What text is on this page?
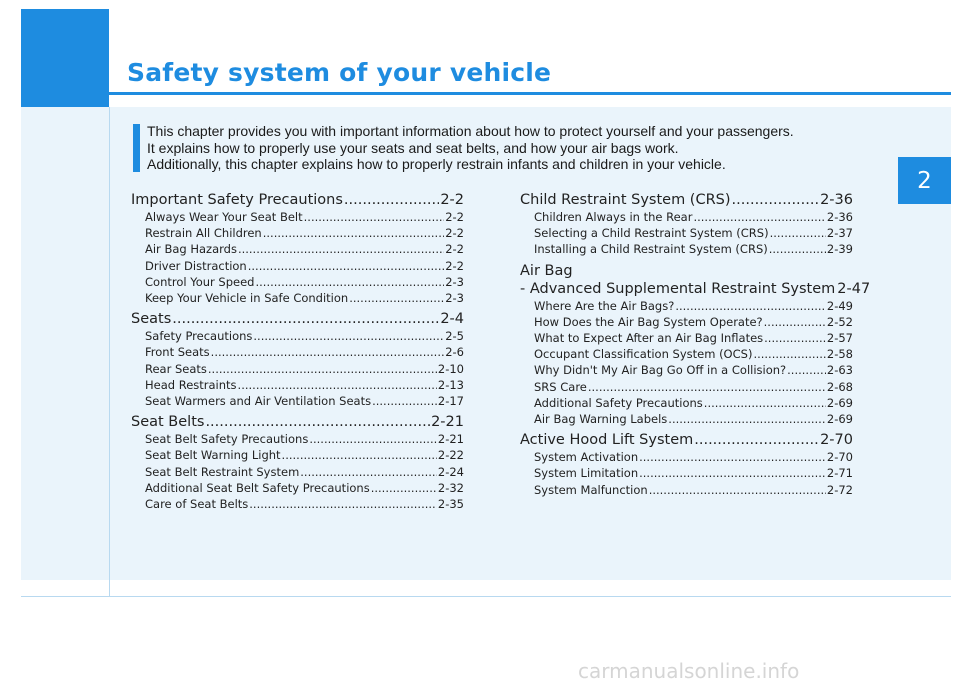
Safety system of your vehicle
2
This chapter provides you with important information about how to protect yourself and your passengers.
It explains how to properly use your seats and seat belts, and how your air bags work.
Additionally, this chapter explains how to properly restrain infants and children in your vehicle.
Important Safety Precautions .....	2-2
Always Wear Your Seat Belt .....	2-2
Restrain All Children .....	2-2
Air Bag Hazards .....	2-2
Driver Distraction .....	2-2
Control Your Speed .....	2-3
Keep Your Vehicle in Safe Condition .....	2-3
Seats .....	2-4
Safety Precautions .....	2-5
Front Seats .....	2-6
Rear Seats .....	2-10
Head Restraints .....	2-13
Seat Warmers and Air Ventilation Seats .....	2-17
Seat Belts .....	2-21
Seat Belt Safety Precautions .....	2-21
Seat Belt Warning Light .....	2-22
Seat Belt Restraint System .....	2-24
Additional Seat Belt Safety Precautions .....	2-32
Care of Seat Belts .....	2-35
Child Restraint System (CRS) .....	2-36
Children Always in the Rear .....	2-36
Selecting a Child Restraint System (CRS) .....	2-37
Installing a Child Restraint System (CRS) .....	2-39
Air Bag
- Advanced Supplemental Restraint System 2-47
Where Are the Air Bags? .....	2-49
How Does the Air Bag System Operate? .....	2-52
What to Expect After an Air Bag Inflates .....	2-57
Occupant Classification System (OCS) .....	2-58
Why Didn't My Air Bag Go Off in a Collision? .....	2-63
SRS Care .....	2-68
Additional Safety Precautions .....	2-69
Air Bag Warning Labels .....	2-69
Active Hood Lift System .....	2-70
System Activation .....	2-70
System Limitation .....	2-71
System Malfunction .....	2-72
carmanualsonline.info
